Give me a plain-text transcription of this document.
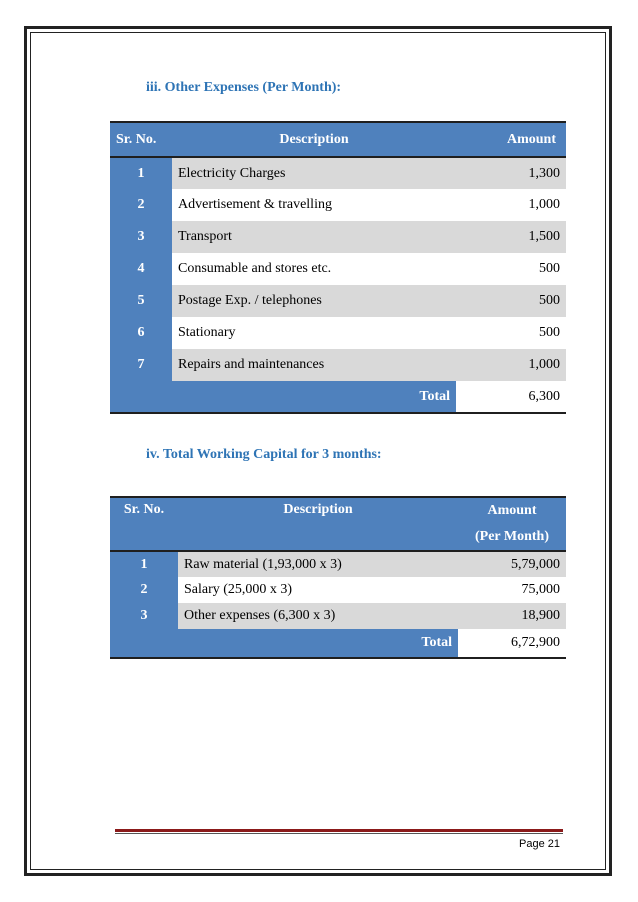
iii. Other Expenses (Per Month):
Sr. No.	Description	Amount
1	Electricity Charges	1,300
2	Advertisement & travelling	1,000
3	Transport	1,500
4	Consumable and stores etc.	500
5	Postage Exp. / telephones	500
6	Stationary	500
7	Repairs and maintenances	1,000
Total		6,300
iv. Total Working Capital for 3 months:
Sr. No.	Description	Amount
(Per Month)

1	Raw material (1,93,000 x 3)	5,79,000
2	Salary (25,000 x 3)	75,000
3	Other expenses (6,300 x 3)	18,900
Total		6,72,900
Page 21
